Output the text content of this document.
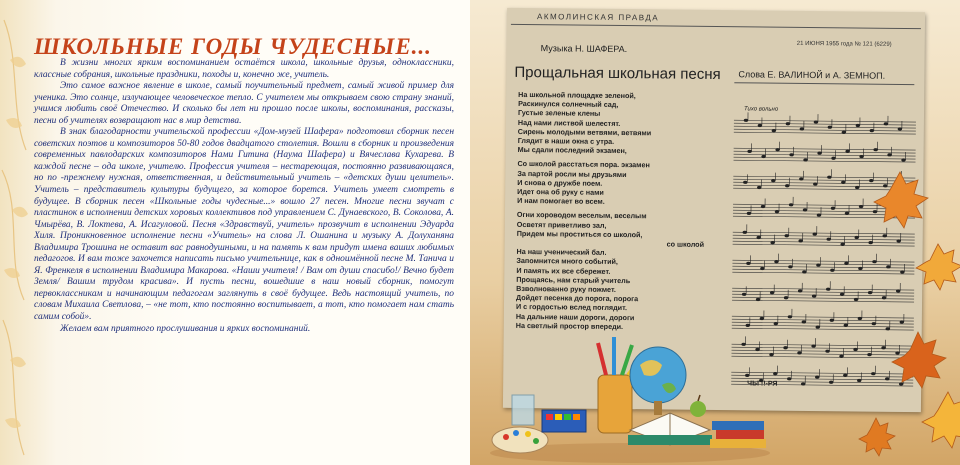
ШКОЛЬНЫЕ ГОДЫ ЧУДЕСНЫЕ...

В жизни многих ярким воспоминанием остаётся школа, школьные друзья, одноклассники, классные собрания, школьные праздники, походы и, конечно же, учитель.

Это самое важное явление в школе, самый поучительный предмет, самый живой пример для ученика. Это солнце, излучающее человеческое тепло. С учителем мы открываем свою страну знаний, учимся любить своё Отечество. И сколько бы лет ни прошло после школы, воспоминания, рассказы, песни об учителях возвращают нас в мир детства.

В знак благодарности учительской профессии «Дом-музей Шафера» подготовил сборник песен советских поэтов и композиторов 50-80 годов двадцатого столетия. Вошли в сборник и произведения современных павлодарских композиторов Нами Гитина (Наума Шафера) и Вячеслава Кухарева. В каждой песне – ода школе, учителю. Профессия учителя – нестареющая, постоянно развивающаяся, но по -прежнему нужная, ответственная, и действительный учитель – «детских души целитель». Учитель – представитель культуры будущего, за которое борется. Учитель умеет смотреть в будущее. В сборник песен «Школьные годы чудесные...» вошло 27 песен. Многие песни звучат с пластинок в исполнении детских хоровых коллективов под управлением С. Дунаевского, В. Соколова, А. Чмырёва, В. Локтева, А. Исагуловой. Песня «Здравствуй, учитель» прозвучит в исполнении Эдуарда Хиля. Проникновенное исполнение песни «Учитель» на слова Л. Ошанина и музыку А. Долуханяна Владимира Трошина не оставит вас равнодушными, и на память к вам придут имена ваших любимых педагогов. И вам тоже захочется написать письмо учительнице, как в одноимённой песне М. Танича и Я. Френкеля в исполнении Владимира Макарова. «Наши учителя! / Вам от души спасибо!/ Вечно будет Земля/ Вашим трудом красива». И пусть песни, вошедшие в наш новый сборник, помогут первоклассникам и начинающим педагогам заглянуть в своё будущее. Ведь настоящий учитель, по словам Михаила Светлова, – «не тот, кто постоянно воспитывает, а тот, кто помогает нам стать самим собой».

Желаем вам приятного прослушивания и ярких воспоминаний.

АКМОЛИНСКАЯ ПРАВДА
21 ИЮНЯ 1955 года № 121 (6229)
Музыка Н. ШАФЕРА.
Слова Е. ВАЛИНОЙ и А. ЗЕМНОП.
Прощальная школьная песня
На школьной площадке зеленой,
Раскинулся солнечный сад,
Густые зеленые клены
Над нами листвой шелестят.
Сирень молодыми ветвями, ветвями
Глядит в наши окна с утра.
Мы сдали последний экзамен,
Со школой расстаться пора. экзамен
За партой росли мы друзьями
И снова о дружбе поем.
Идет она об руку с нами
И нам помогает во всем.
Огни хороводом веселым, веселым
Осветят приветливо зал,
Придем мы проститься со школой,
со школой
На наш ученический бал.
Запомнится много событий,
И память их все сбережет.
Прощаясь, нам старый учитель
Взволнованно руку пожмет.
Дойдет песенка до порога, порога
И с гордостью вслед поглядит.
На дальние наши дороги, дороги
На светлый простор впереди.
Тихо вольно
ЧЫ !!-РЯ
